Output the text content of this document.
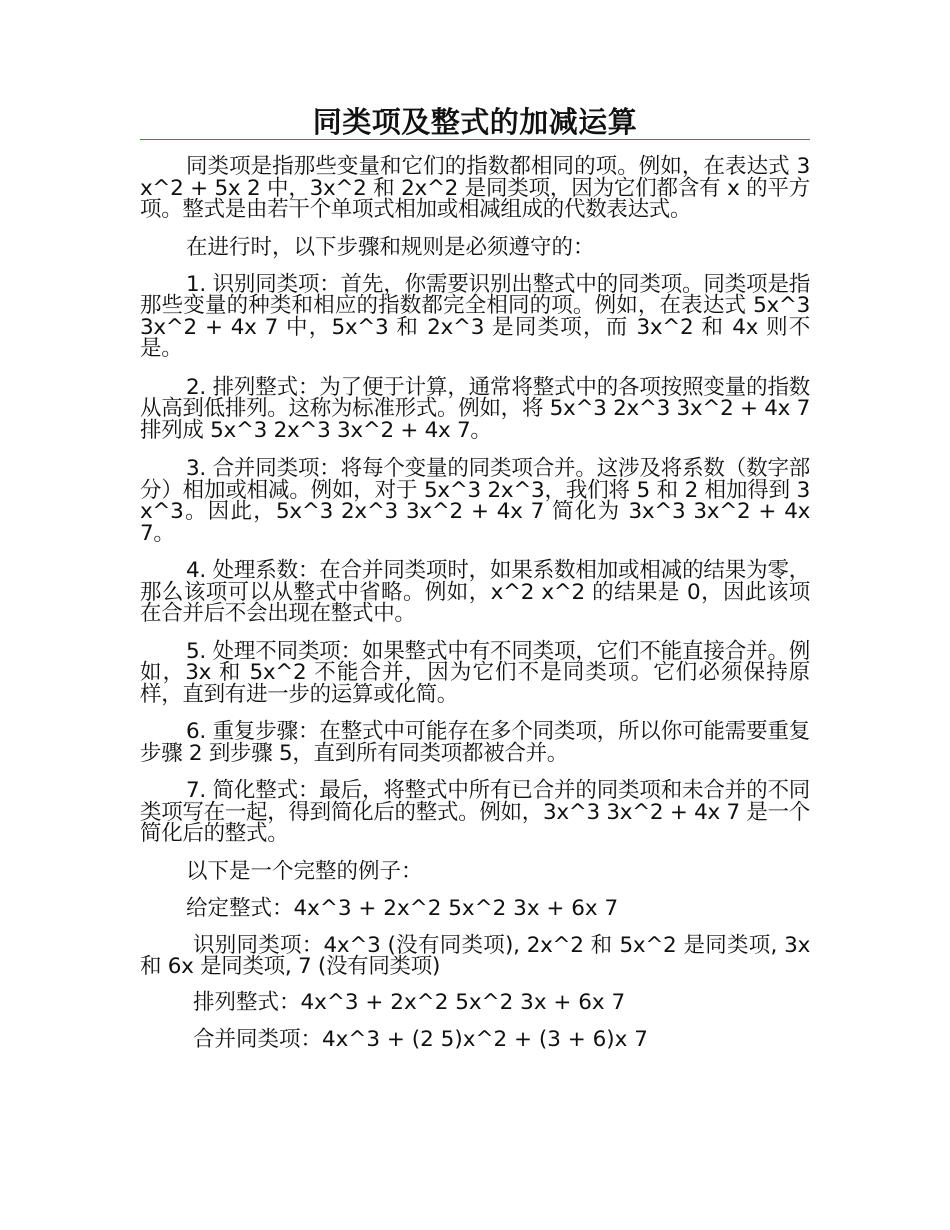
同类项及整式的加减运算

同类项是指那些变量和它们的指数都相同的项。例如，在表达式 3x^2 + 5x 2 中，3x^2 和 2x^2 是同类项，因为它们都含有 x 的平方项。整式是由若干个单项式相加或相减组成的代数表达式。

在进行时，以下步骤和规则是必须遵守的：

1. 识别同类项：首先，你需要识别出整式中的同类项。同类项是指那些变量的种类和相应的指数都完全相同的项。例如，在表达式 5x^3 3x^2 + 4x 7 中，5x^3 和 2x^3 是同类项，而 3x^2 和 4x 则不是。

2. 排列整式：为了便于计算，通常将整式中的各项按照变量的指数从高到低排列。这称为标准形式。例如，将 5x^3 2x^3 3x^2 + 4x 7 排列成 5x^3 2x^3 3x^2 + 4x 7。

3. 合并同类项：将每个变量的同类项合并。这涉及将系数（数字部分）相加或相减。例如，对于 5x^3 2x^3，我们将 5 和 2 相加得到 3x^3。因此，5x^3 2x^3 3x^2 + 4x 7 简化为 3x^3 3x^2 + 4x 7。

4. 处理系数：在合并同类项时，如果系数相加或相减的结果为零，那么该项可以从整式中省略。例如，x^2 x^2 的结果是 0，因此该项在合并后不会出现在整式中。

5. 处理不同类项：如果整式中有不同类项，它们不能直接合并。例如，3x 和 5x^2 不能合并，因为它们不是同类项。它们必须保持原样，直到有进一步的运算或化简。

6. 重复步骤：在整式中可能存在多个同类项，所以你可能需要重复步骤 2 到步骤 5，直到所有同类项都被合并。

7. 简化整式：最后，将整式中所有已合并的同类项和未合并的不同类项写在一起，得到简化后的整式。例如，3x^3 3x^2 + 4x 7 是一个简化后的整式。

以下是一个完整的例子：

给定整式：4x^3 + 2x^2 5x^2 3x + 6x 7

识别同类项：4x^3 (没有同类项), 2x^2 和 5x^2 是同类项, 3x 和 6x 是同类项, 7 (没有同类项)

排列整式：4x^3 + 2x^2 5x^2 3x + 6x 7

合并同类项：4x^3 + (2 5)x^2 + (3 + 6)x 7
